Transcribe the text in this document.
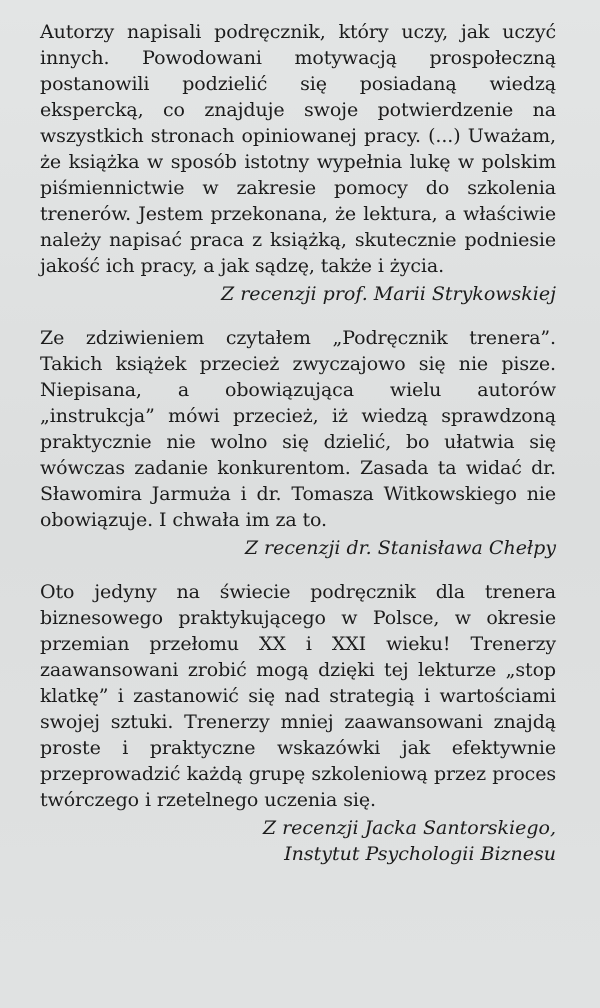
Autorzy napisali podręcznik, który uczy, jak uczyć innych. Powodowani motywacją prospołeczną postanowili podzielić się posiadaną wiedzą ekspercką, co znajduje swoje potwierdzenie na wszystkich stronach opiniowanej pracy. (...) Uważam, że książka w sposób istotny wypełnia lukę w polskim piśmiennictwie w zakresie pomocy do szkolenia trenerów. Jestem przekonana, że lektura, a właściwie należy napisać praca z książką, skutecznie podniesie jakość ich pracy, a jak sądzę, także i życia.

Z recenzji prof. Marii Strykowskiej

Ze zdziwieniem czytałem „Podręcznik trenera”. Takich książek przecież zwyczajowo się nie pisze. Niepisana, a obowiązująca wielu autorów „instrukcja” mówi przecież, iż wiedzą sprawdzoną praktycznie nie wolno się dzielić, bo ułatwia się wówczas zadanie konkurentom. Zasada ta widać dr. Sławomira Jarmuża i dr. Tomasza Witkowskiego nie obowiązuje. I chwała im za to.

Z recenzji dr. Stanisława Chełpy

Oto jedyny na świecie podręcznik dla trenera biznesowego praktykującego w Polsce, w okresie przemian przełomu XX i XXI wieku! Trenerzy zaawansowani zrobić mogą dzięki tej lekturze „stop klatkę” i zastanowić się nad strategią i wartościami swojej sztuki. Trenerzy mniej zaawansowani znajdą proste i praktyczne wskazówki jak efektywnie przeprowadzić każdą grupę szkoleniową przez proces twórczego i rzetelnego uczenia się.

Z recenzji Jacka Santorskiego,
Instytut Psychologii Biznesu
